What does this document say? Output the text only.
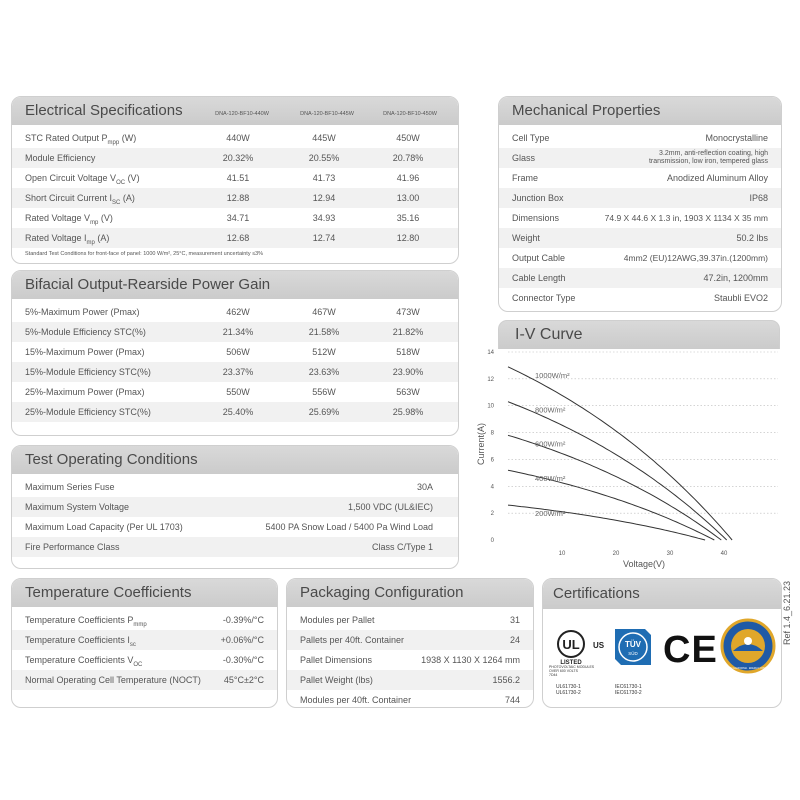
Electrical Specifications	DNA-120-BF10-440W	DNA-120-BF10-445W	DNA-120-BF10-450W
STC Rated Output $P_{mpp}$ (W)	440W	445W	450W
Module Efficiency	20.32%	20.55%	20.78%
Open Circuit Voltage $V_{OC}$ (V)	41.51	41.73	41.96
Short Circuit Current $I_{SC}$ (A)	12.88	12.94	13.00
Rated Voltage $V_{mp}$ (V)	34.71	34.93	35.16
Rated Voltage $I_{mp}$ (A)	12.68	12.74	12.80
Standard Test Conditions for front-face of panel: 1000 W/m², 25°C, measurement uncertainty ≤3%
Bifacial Output-Rearside Power Gain
5%-Maximum Power (Pmax)	462W	467W	473W
5%-Module Efficiency STC(%)	21.34%	21.58%	21.82%
15%-Maximum Power (Pmax)	506W	512W	518W
15%-Module Efficiency STC(%)	23.37%	23.63%	23.90%
25%-Maximum Power (Pmax)	550W	556W	563W
25%-Module Efficiency STC(%)	25.40%	25.69%	25.98%
Test Operating Conditions
Maximum Series Fuse	30A
Maximum System Voltage	1,500 VDC (UL&IEC)
Maximum Load Capacity (Per UL 1703)	5400 PA Snow Load / 5400 Pa Wind Load
Fire Performance Class	Class C/Type 1
Temperature Coefficients
Temperature Coefficients $P_{mmp}$	-0.39%/°C
Temperature Coefficients $I_{sc}$	+0.06%/°C
Temperature Coefficients $V_{OC}$	-0.30%/°C
Normal Operating Cell Temperature (NOCT)	45°C±2°C
Packaging Configuration
Modules per Pallet	31
Pallets per 40ft. Container	24
Pallet Dimensions	1938 X 1130 X 1264 mm
Pallet Weight (lbs)	1556.2
Modules per 40ft. Container	744
Mechanical Properties
Cell Type	Monocrystalline
Glass	3.2mm, anti-reflection coating, high transmission, low iron, tempered glass
Frame	Anodized Aluminum Alloy
Junction Box	IP68
Dimensions	74.9 X 44.6 X 1.3 in, 1903 X 1134 X 35 mm
Weight	50.2 lbs
Output Cable	4mm2 (EU)12AWG,39.37in.(1200mm)
Cable Length	47.2in, 1200mm
Connector Type	Staubli EVO2
I-V Curve
1000W/m²
800W/m²
600W/m²
400W/m²
200W/m²
0
2
4
6
8
10
12
14
10	20	30	40
Voltage(V)
Current(A)
Certifications
UL US
LISTED
PHOTOVOLTAIC MODULES
OVER 600 VOLTS
7D44
UL61730-1
UL61730-2
TÜV
SÜD
IEC61730-1
IEC61730-2
CE STATE OF CALIFORNIA · ENERGY COMMISSION
Ref 1.4_6.21.23
